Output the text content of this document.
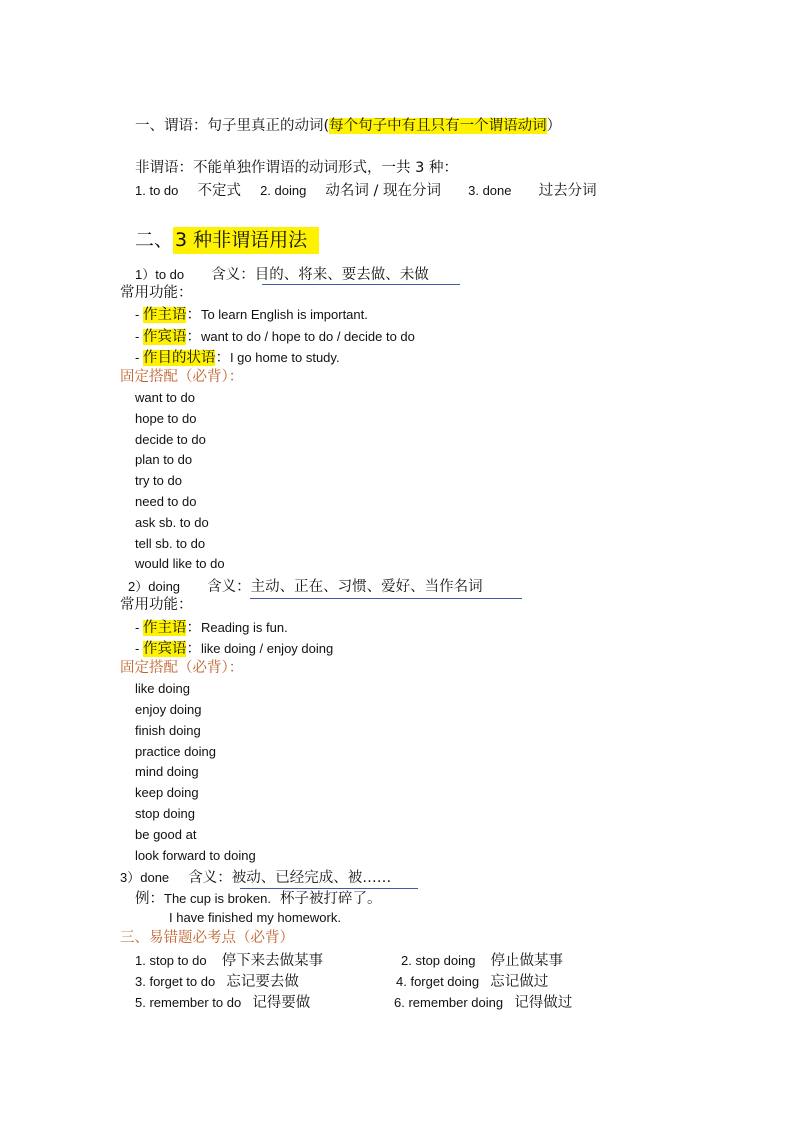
一、谓语：句子里真正的动词(每个句子中有且只有一个谓语动词）
非谓语：不能单独作谓语的动词形式，一共 3 种：
1. to do 不定式 2. doing 动名词 / 现在分词 3. done 过去分词
二、 3 种非谓语用法
1）to do 含义：目的、将来、要去做、未做
常用功能：
- 作主语：To learn English is important.
- 作宾语：want to do / hope to do / decide to do
- 作目的状语：I go home to study.
固定搭配（必背）：
want to do
hope to do
decide to do
plan to do
try to do
need to do
ask sb. to do
tell sb. to do
would like to do
2）doing 含义：主动、正在、习惯、爱好、当作名词
常用功能：
- 作主语：Reading is fun.
- 作宾语：like doing / enjoy doing
固定搭配（必背）：
like doing
enjoy doing
finish doing
practice doing
mind doing
keep doing
stop doing
be good at
look forward to doing
3）done 含义：被动、已经完成、被……
例：The cup is broken. 杯子被打碎了。
I have finished my homework.
三、易错题必考点（必背）
1. stop to do 停下来去做某事	2. stop doing 停止做某事
3. forget to do 忘记要去做	4. forget doing 忘记做过
5. remember to do 记得要做	6. remember doing 记得做过
